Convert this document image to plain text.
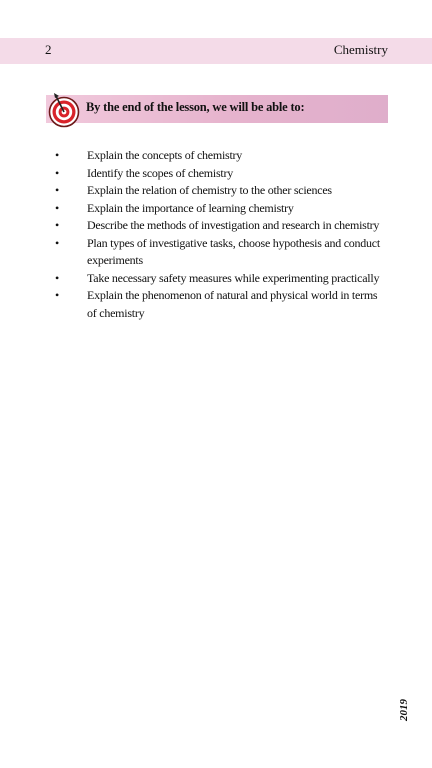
2	Chemistry
By the end of the lesson, we will be able to:
• Explain the concepts of chemistry
• Identify the scopes of chemistry
• Explain the relation of chemistry to the other sciences
• Explain the importance of learning chemistry
• Describe the methods of investigation and research in chemistry
• Plan types of investigative tasks, choose hypothesis and conduct experiments
• Take necessary safety measures while experimenting practically
• Explain the phenomenon of natural and physical world in terms of chemistry
2019
